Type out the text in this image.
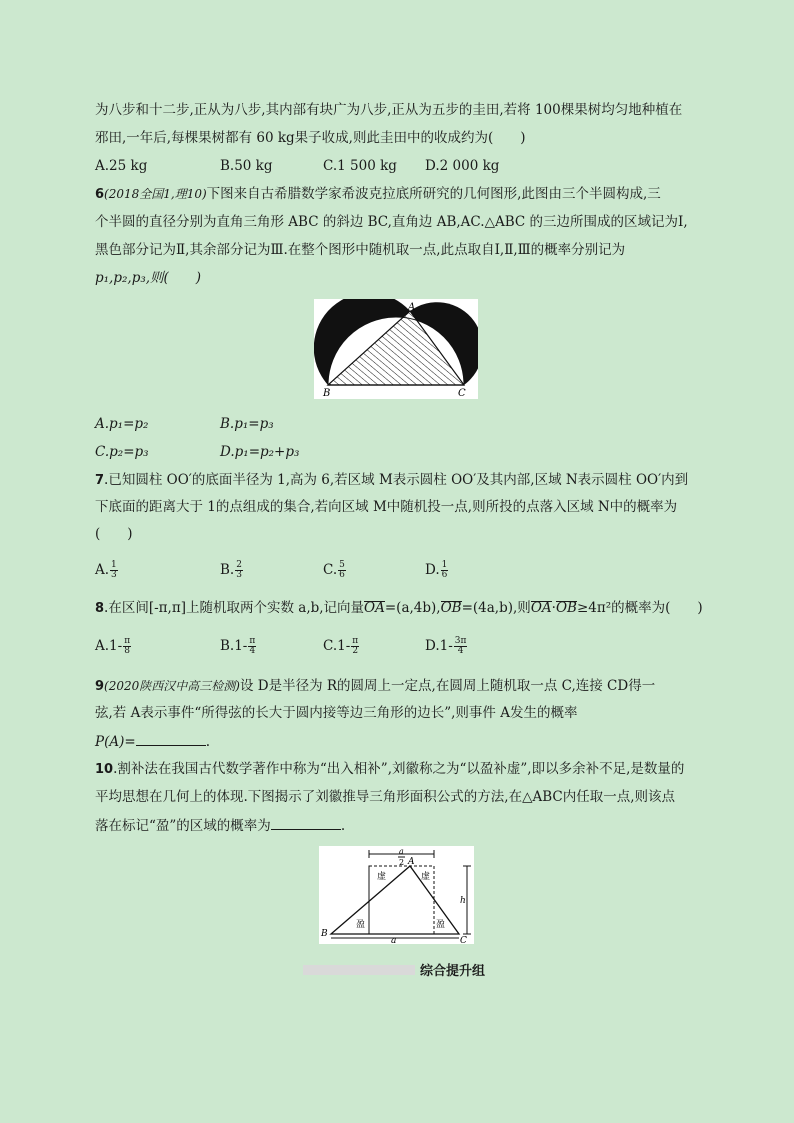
为八步和十二步,正从为八步,其内部有块广为八步,正从为五步的圭田,若将 100棵果树均匀地种植在
邪田,一年后,每棵果树都有 60 kg果子收成,则此圭田中的收成约为(　　)
A.25 kg	B.50 kg	C.1 500 kg D.2 000 kg
6(2018全国1,理10)下图来自古希腊数学家希波克拉底所研究的几何图形,此图由三个半圆构成,三
个半圆的直径分别为直角三角形 ABC 的斜边 BC,直角边 AB,AC.△ABC 的三边所围成的区域记为Ⅰ,
黑色部分记为Ⅱ,其余部分记为Ⅲ.在整个图形中随机取一点,此点取自Ⅰ,Ⅱ,Ⅲ的概率分别记为
p₁,p₂,p₃,则(　　)
A
B	C
A.p₁=p₂	B.p₁=p₃
C.p₂=p₃	D.p₁=p₂+p₃
7.已知圆柱 OO′的底面半径为 1,高为 6,若区域 M表示圆柱 OO′及其内部,区域 N表示圆柱 OO′内到
下底面的距离大于 1的点组成的集合,若向区域 M中随机投一点,则所投的点落入区域 N中的概率为
(　　)
A. $\frac{1}{3}$	B. $\frac{2}{3}$	C. $\frac{5}{6}$	D. $\frac{1}{6}$
8.在区间[-π,π]上随机取两个实数 a,b,记向量OA=(a,4b),OB=(4a,b),则OA·OB≥4π²的概率为(　　)
$A.1- \frac{\pi}{8}$	$B.1- \frac{\pi}{4}$	$C.1- \frac{\pi}{2}$	$D.1- \frac{3\pi}{4}$
9(2020陕西汉中高三检测)设 D是半径为 R的圆周上一定点,在圆周上随机取一点 C,连接 CD得一
弦,若 A表示事件“所得弦的长大于圆内接等边三角形的边长”,则事件 A发生的概率
P(A)=	.
10.割补法在我国古代数学著作中称为“出入相补”,刘徽称之为“以盈补虚”,即以多余补不足,是数量的
平均思想在几何上的体现.下图揭示了刘徽推导三角形面积公式的方法,在△ABC内任取一点,则该点
落在标记“盈”的区域的概率为	.
a
2 A
虚	虚
盈	盈
h
a
B
C
综合提升组
